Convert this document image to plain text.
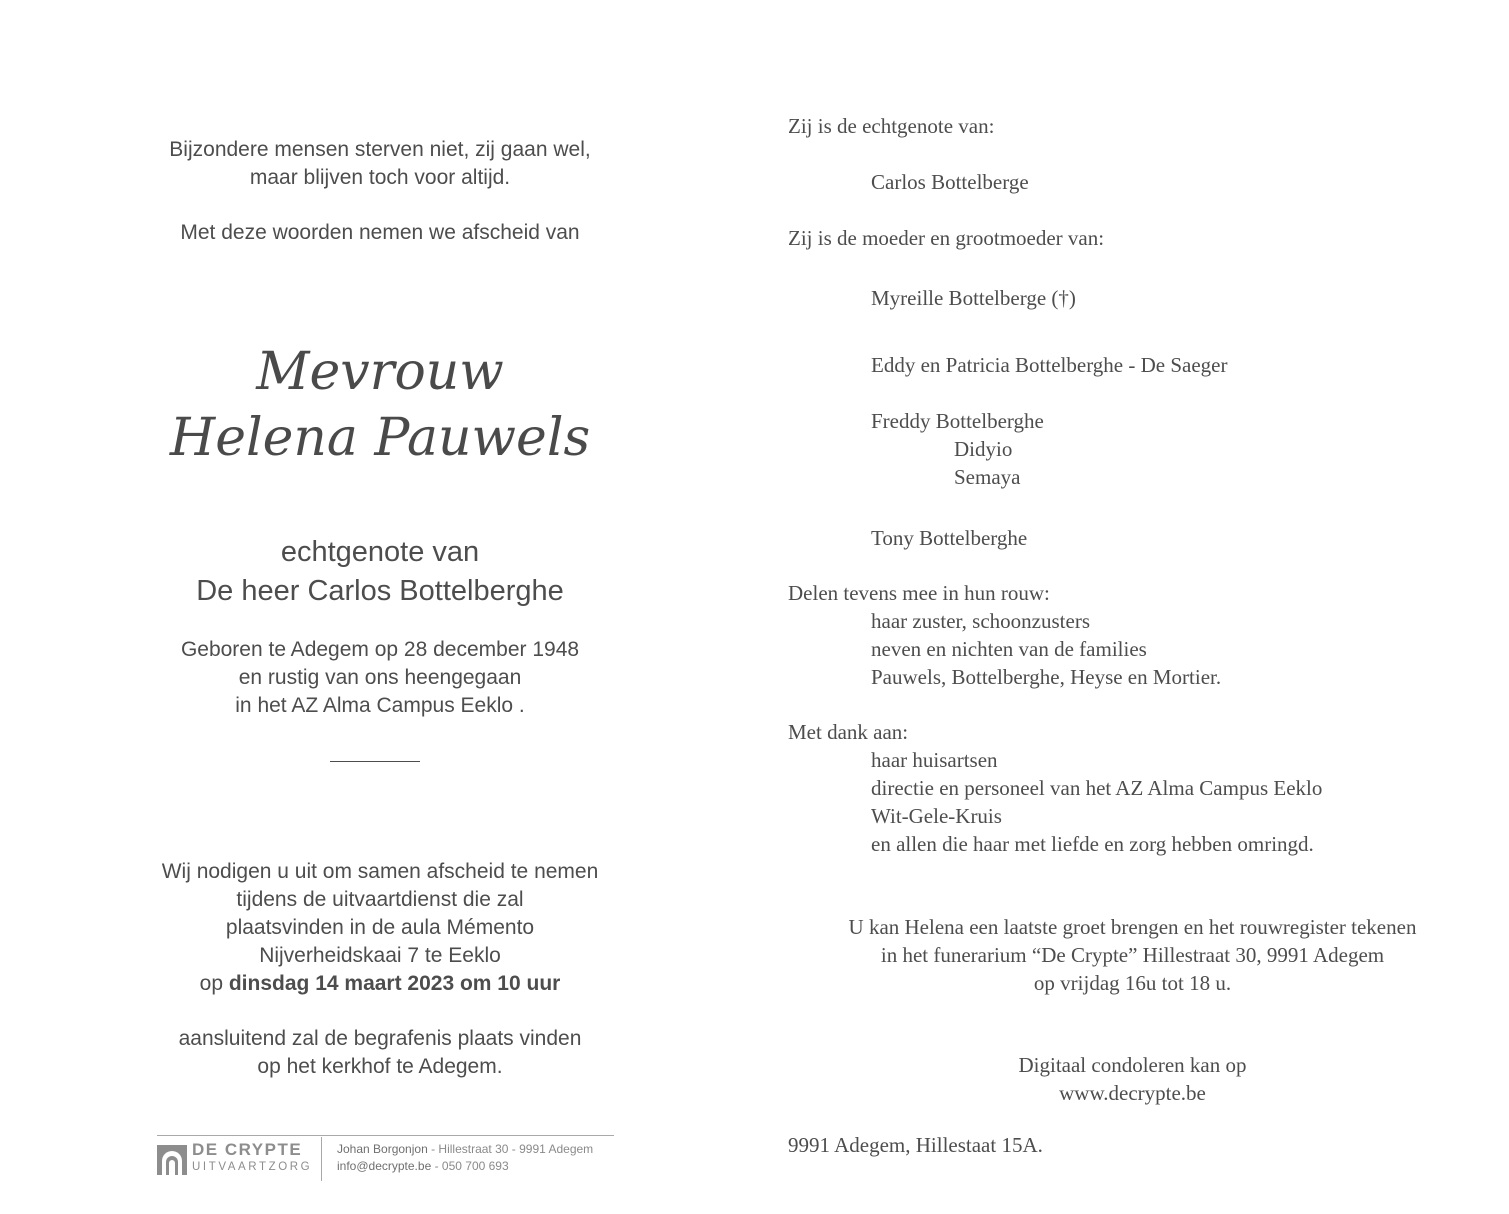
Bijzondere mensen sterven niet, zij gaan wel,
maar blijven toch voor altijd.
Met deze woorden nemen we afscheid van
Mevrouw
Helena Pauwels
echtgenote van
De heer Carlos Bottelberghe
Geboren te Adegem op 28 december 1948
en rustig van ons heengegaan
in het AZ Alma Campus Eeklo .
Wij nodigen u uit om samen afscheid te nemen
tijdens de uitvaartdienst die zal
plaatsvinden in de aula Mémento
Nijverheidskaai 7 te Eeklo
op dinsdag 14 maart 2023 om 10 uur
aansluitend zal de begrafenis plaats vinden
op het kerkhof te Adegem.
DE CRYPTE
UITVAARTZORG
Johan Borgonjon - Hillestraat 30 - 9991 Adegem
info@decrypte.be - 050 700 693
Zij is de echtgenote van:
Carlos Bottelberge
Zij is de moeder en grootmoeder van:
Myreille Bottelberge (†)
Eddy en Patricia Bottelberghe - De Saeger
Freddy Bottelberghe
Didyio
Semaya
Tony Bottelberghe
Delen tevens mee in hun rouw:
haar zuster, schoonzusters
neven en nichten van de families
Pauwels, Bottelberghe, Heyse en Mortier.
Met dank aan:
haar huisartsen
directie en personeel van het AZ Alma Campus Eeklo
Wit-Gele-Kruis
en allen die haar met liefde en zorg hebben omringd.
U kan Helena een laatste groet brengen en het rouwregister tekenen
in het funerarium “De Crypte” Hillestraat 30, 9991 Adegem
op vrijdag 16u tot 18 u.
Digitaal condoleren kan op
www.decrypte.be
9991 Adegem, Hillestaat 15A.
